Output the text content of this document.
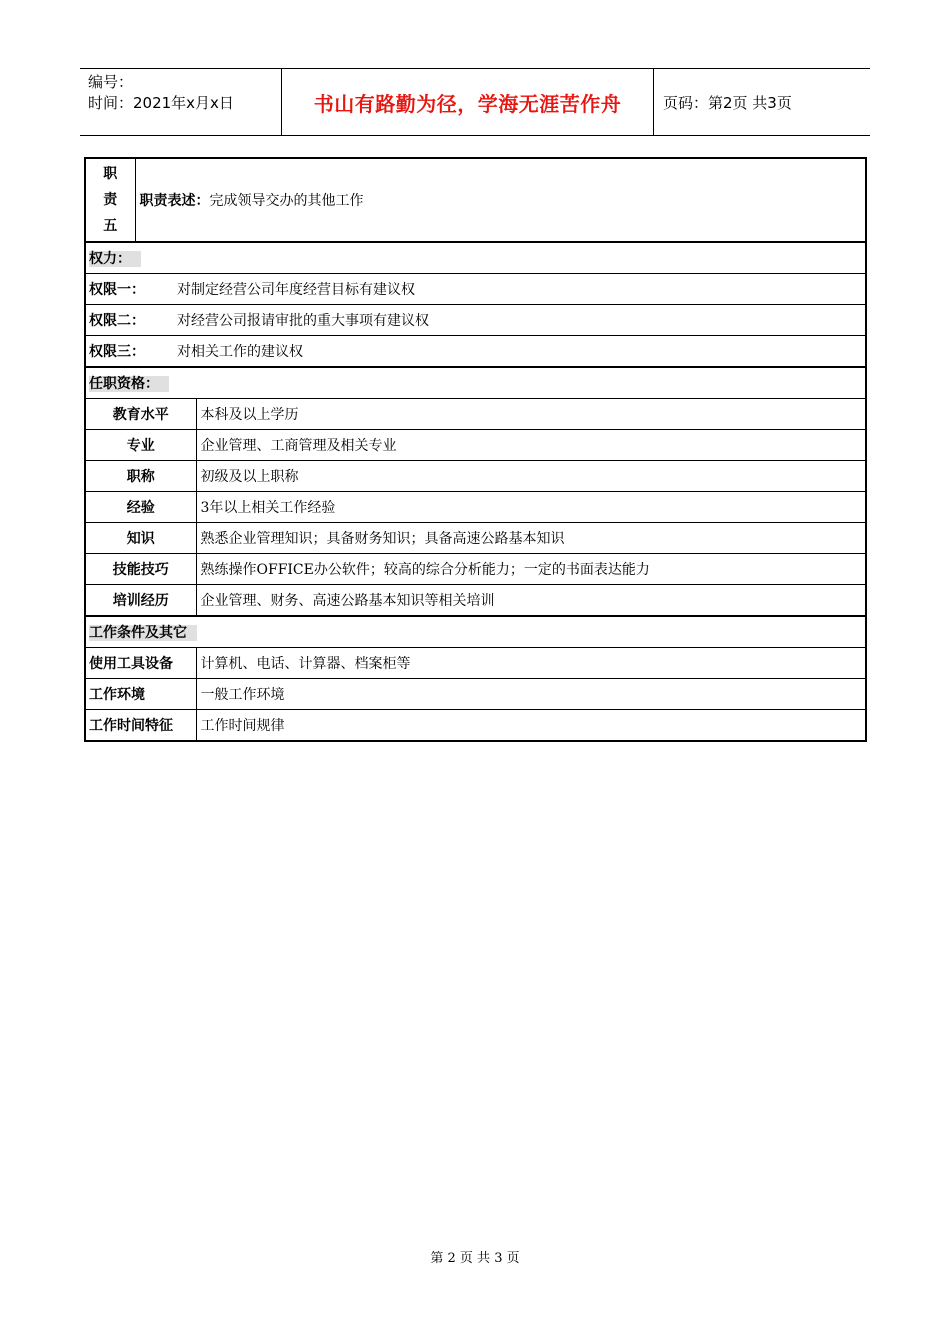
编号：
时间：2021年x月x日	书山有路勤为径，学海无涯苦作舟	页码：第2页 共3页
职
责
五	职责表述：完成领导交办的其他工作	
权力：		
权限一： 对制定经营公司年度经营目标有建议权		
权限二： 对经营公司报请审批的重大事项有建议权		
权限三： 对相关工作的建议权		
任职资格：		
教育水平		本科及以上学历
专业		企业管理、工商管理及相关专业
职称		初级及以上职称
经验		3年以上相关工作经验
知识		熟悉企业管理知识；具备财务知识；具备高速公路基本知识
技能技巧		熟练操作OFFICE办公软件；较高的综合分析能力；一定的书面表达能力
培训经历		企业管理、财务、高速公路基本知识等相关培训
工作条件及其它		
使用工具设备		计算机、电话、计算器、档案柜等
工作环境		一般工作环境
工作时间特征		工作时间规律
第 2 页 共 3 页
